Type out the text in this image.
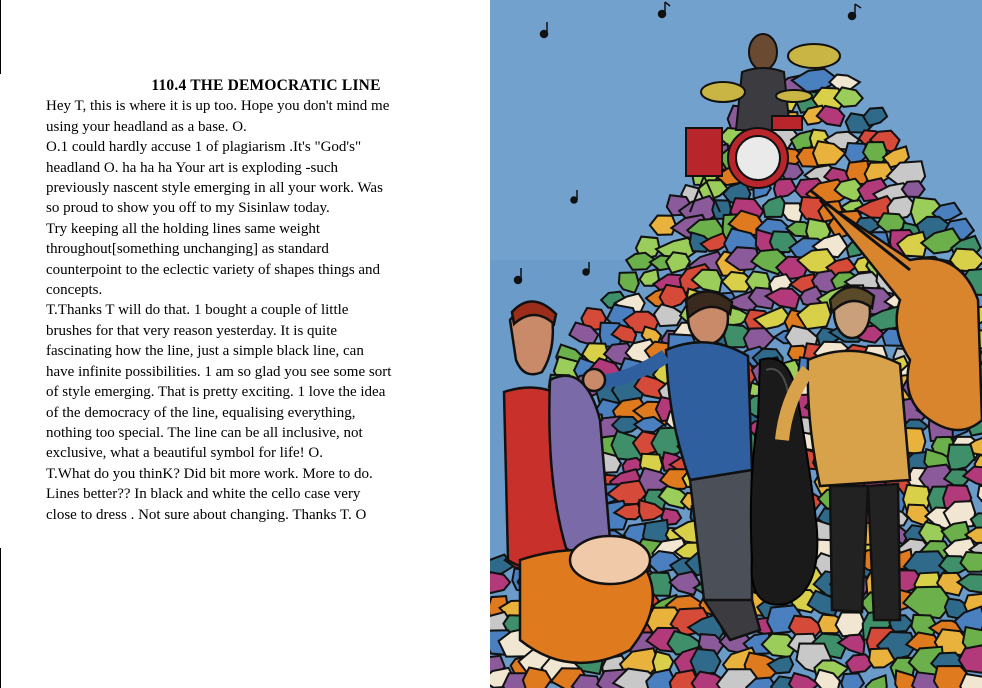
110.4 THE DEMOCRATIC LINE
Hey T, this is where it is up too. Hope you don't mind me
using your headland as a base. O.
O.1 could hardly accuse 1 of plagiarism .It's "God's"
headland O. ha ha ha Your art is exploding -such
previously nascent style emerging in all your work. Was
so proud to show you off to my Sisinlaw today.
Try keeping all the holding lines same weight
throughout[something unchanging] as standard
counterpoint to the eclectic variety of shapes things and
concepts.
T.Thanks T will do that. 1 bought a couple of little
brushes for that very reason yesterday. It is quite
fascinating how the line, just a simple black line, can
have infinite possibilities. 1 am so glad you see some sort
of style emerging. That is pretty exciting. 1 love the idea
of the democracy of the line, equalising everything,
nothing too special. The line can be all inclusive, not
exclusive, what a beautiful symbol for life! O.
T.What do you thinK? Did bit more work. More to do.
Lines better?? In black and white the cello case very
close to dress . Not sure about changing. Thanks T. O
